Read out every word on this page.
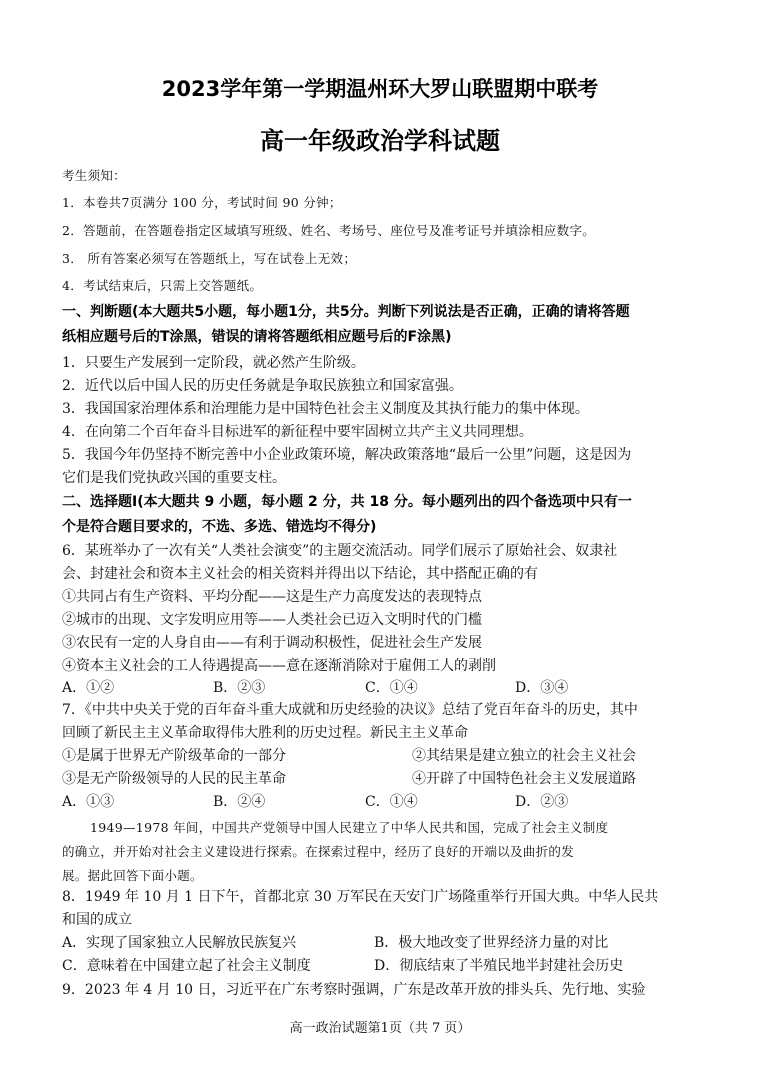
2023学年第一学期温州环大罗山联盟期中联考
高一年级政治学科试题
考生须知：
1．本卷共7页满分 100 分，考试时间 90 分钟；
2．答题前，在答题卷指定区域填写班级、姓名、考场号、座位号及准考证号并填涂相应数字。
3． 所有答案必须写在答题纸上，写在试卷上无效；
4．考试结束后，只需上交答题纸。
一、判断题(本大题共5小题，每小题1分，共5分。判断下列说法是否正确，正确的请将答题
纸相应题号后的T涂黑，错误的请将答题纸相应题号后的F涂黑)
1．只要生产发展到一定阶段，就必然产生阶级。
2．近代以后中国人民的历史任务就是争取民族独立和国家富强。
3．我国国家治理体系和治理能力是中国特色社会主义制度及其执行能力的集中体现。
4．在向第二个百年奋斗目标进军的新征程中要牢固树立共产主义共同理想。
5．我国今年仍坚持不断完善中小企业政策环境，解决政策落地“最后一公里”问题，这是因为
它们是我们党执政兴国的重要支柱。
二、选择题Ⅰ(本大题共 9 小题，每小题 2 分，共 18 分。每小题列出的四个备选项中只有一
个是符合题目要求的，不选、多选、错选均不得分)
6．某班举办了一次有关“人类社会演变”的主题交流活动。同学们展示了原始社会、奴隶社
会、封建社会和资本主义社会的相关资料并得出以下结论，其中搭配正确的有
①共同占有生产资料、平均分配——这是生产力高度发达的表现特点
②城市的出现、文字发明应用等——人类社会已迈入文明时代的门槛
③农民有一定的人身自由——有利于调动积极性，促进社会生产发展
④资本主义社会的工人待遇提高——意在逐渐消除对于雇佣工人的剥削
A．①②	B．②③	C．①④	D．③④
7．《中共中央关于党的百年奋斗重大成就和历史经验的决议》总结了党百年奋斗的历史，其中
回顾了新民主主义革命取得伟大胜利的历史过程。新民主主义革命
①是属于世界无产阶级革命的一部分	②其结果是建立独立的社会主义社会
③是无产阶级领导的人民的民主革命	④开辟了中国特色社会主义发展道路
A．①③	B．②④	C．①④	D．②③
1949—1978 年间，中国共产党领导中国人民建立了中华人民共和国，完成了社会主义制度
的确立，并开始对社会主义建设进行探索。在探索过程中，经历了良好的开端以及曲折的发
展。据此回答下面小题。
8．1949 年 10 月 1 日下午，首都北京 30 万军民在天安门广场隆重举行开国大典。中华人民共
和国的成立
A．实现了国家独立人民解放民族复兴	B．极大地改变了世界经济力量的对比
C．意味着在中国建立起了社会主义制度	D．彻底结束了半殖民地半封建社会历史
9．2023 年 4 月 10 日，习近平在广东考察时强调，广东是改革开放的排头兵、先行地、实验
高一政治试题第1页（共 7 页）
